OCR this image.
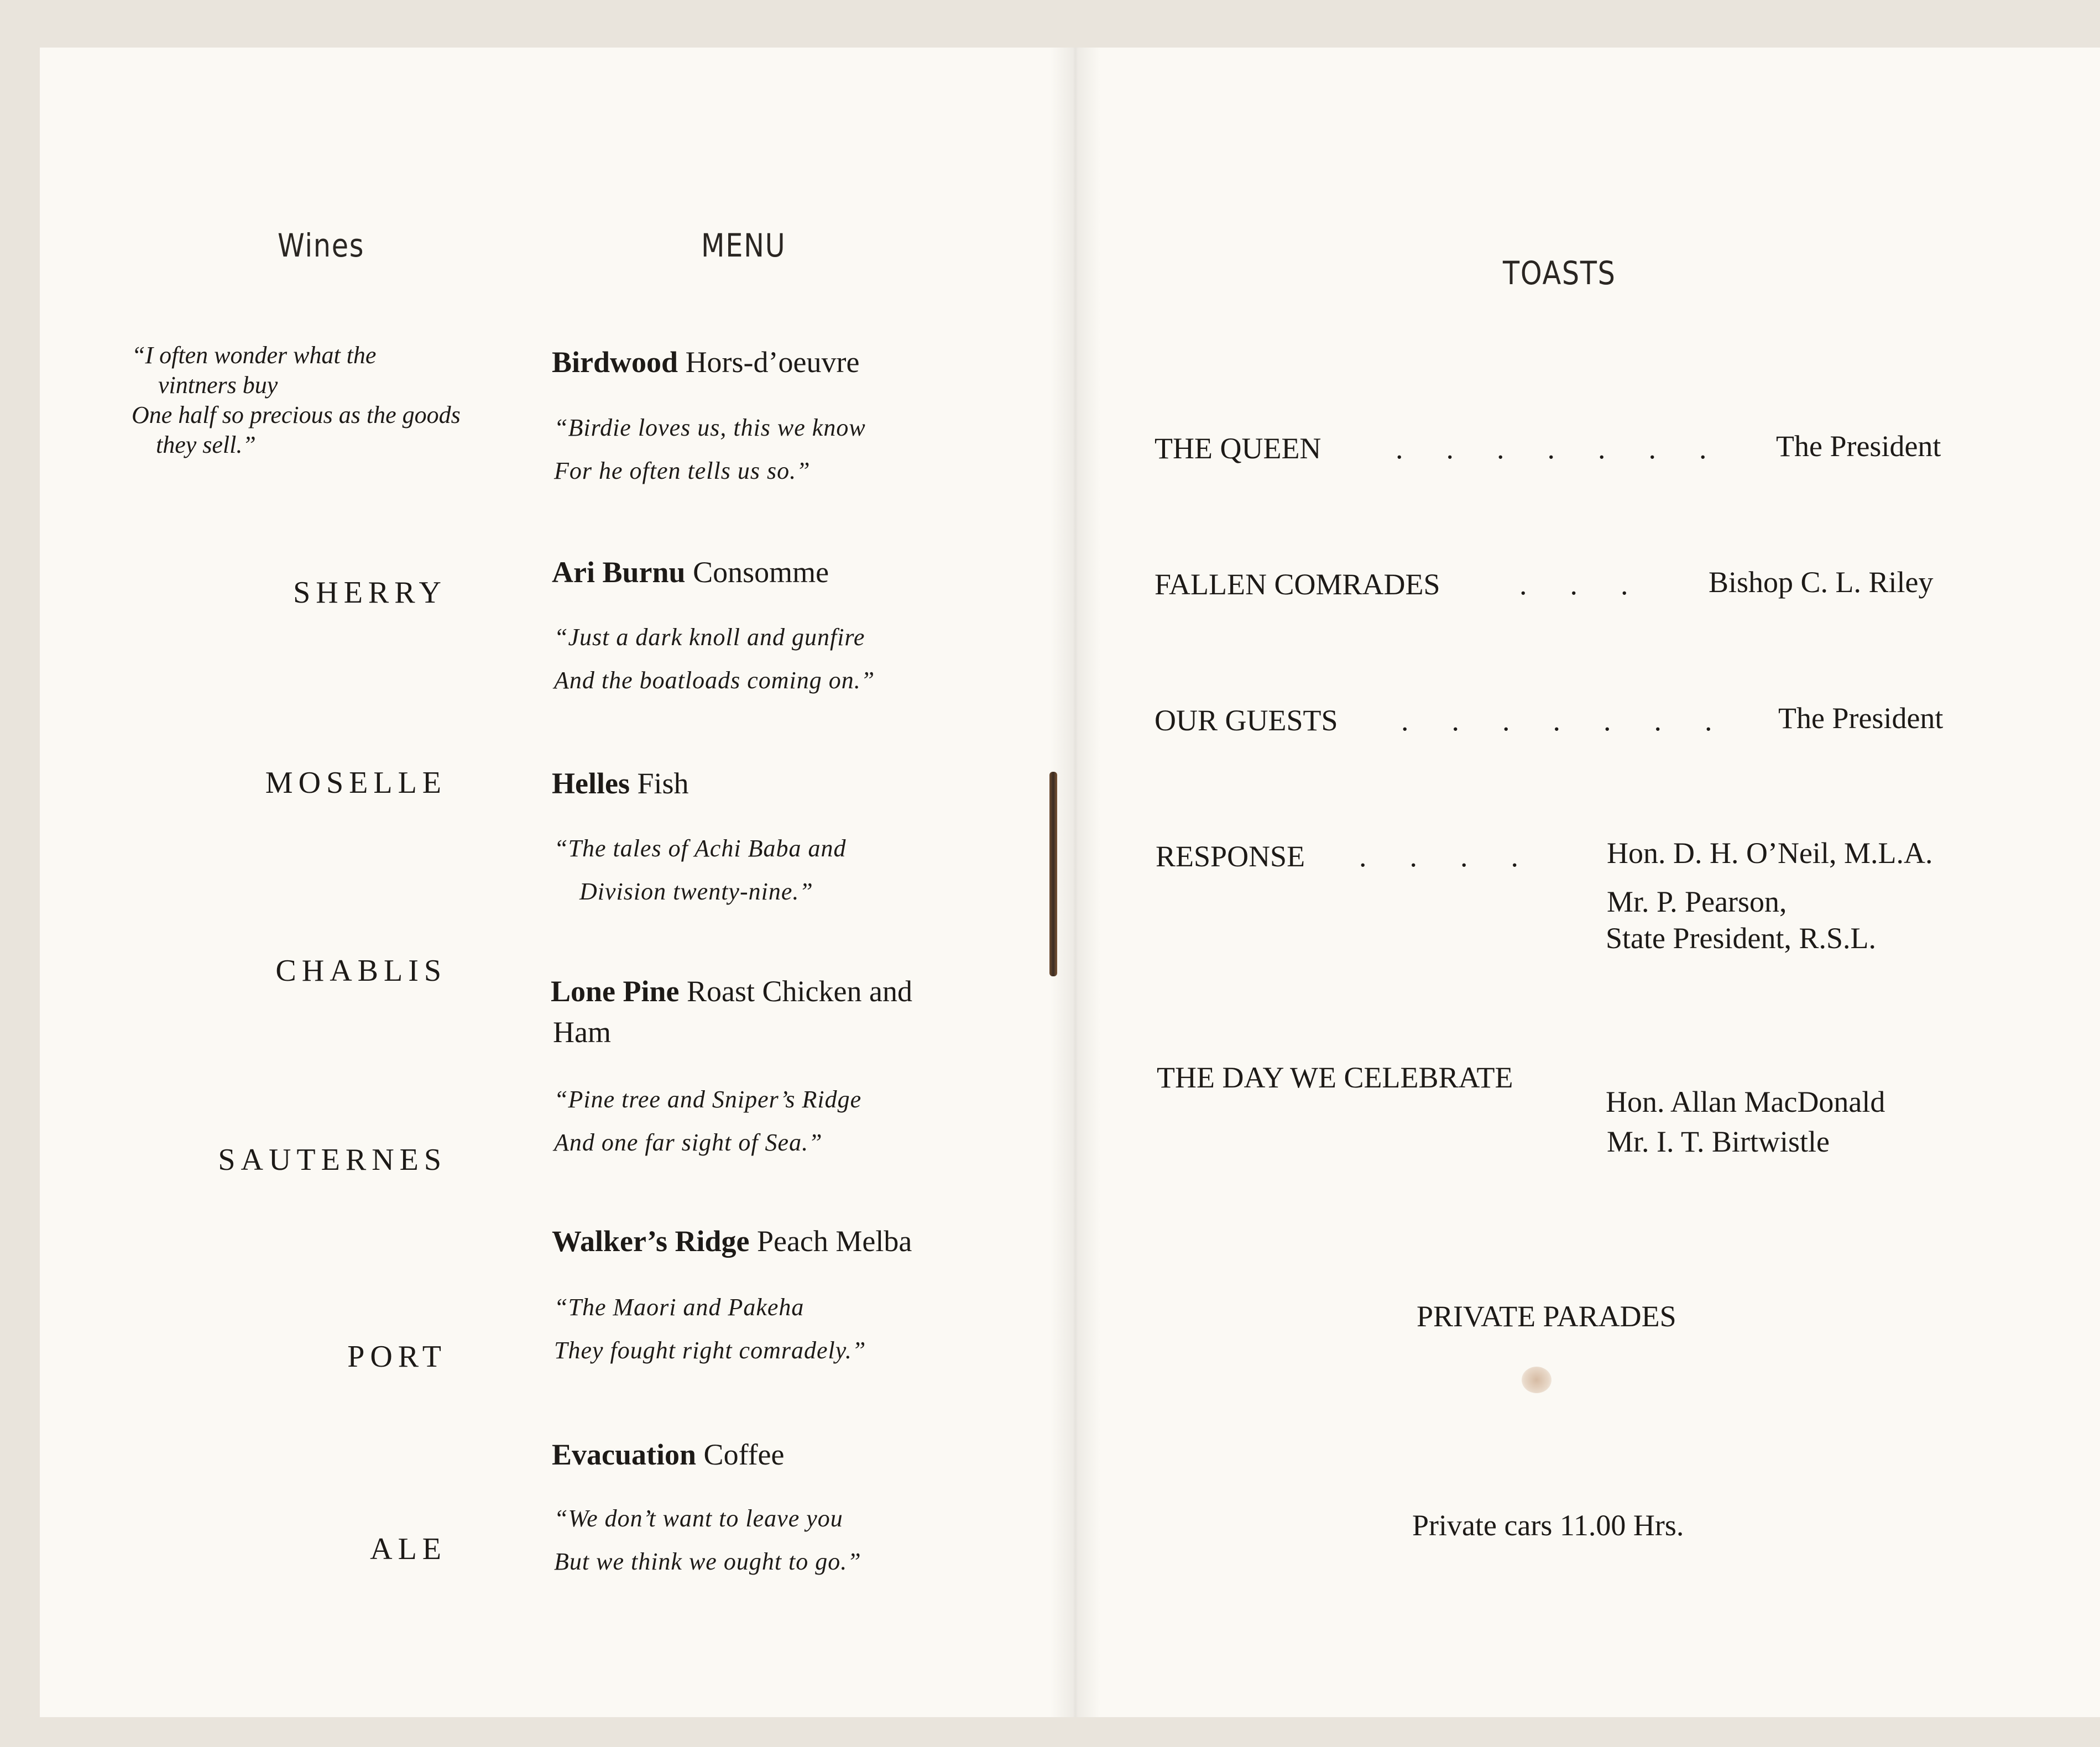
Wines
“I often wonder what the
vintners buy
One half so precious as the goods
they sell.”
SHERRY
MOSELLE
CHABLIS
SAUTERNES
PORT
ALE
MENU
Birdwood Hors-d’oeuvre
“Birdie loves us, this we know
For he often tells us so.”
Ari Burnu Consomme
“Just a dark knoll and gunfire
And the boatloads coming on.”
Helles Fish
“The tales of Achi Baba and
Division twenty-nine.”
Lone Pine Roast Chicken and
Ham
“Pine tree and Sniper’s Ridge
And one far sight of Sea.”
Walker’s Ridge Peach Melba
“The Maori and Pakeha
They fought right comradely.”
Evacuation Coffee
“We don’t want to leave you
But we think we ought to go.”
TOASTS
THE QUEEN ....... The President
FALLEN COMRADES	... Bishop C. L. Riley
OUR GUESTS ....... The President
RESPONSE .... Hon. D. H. O’Neil, M.L.A.
Mr. P. Pearson,
State President, R.S.L.
THE DAY WE CELEBRATE
Hon. Allan MacDonald
Mr. I. T. Birtwistle
PRIVATE PARADES
Private cars 11.00 Hrs.
